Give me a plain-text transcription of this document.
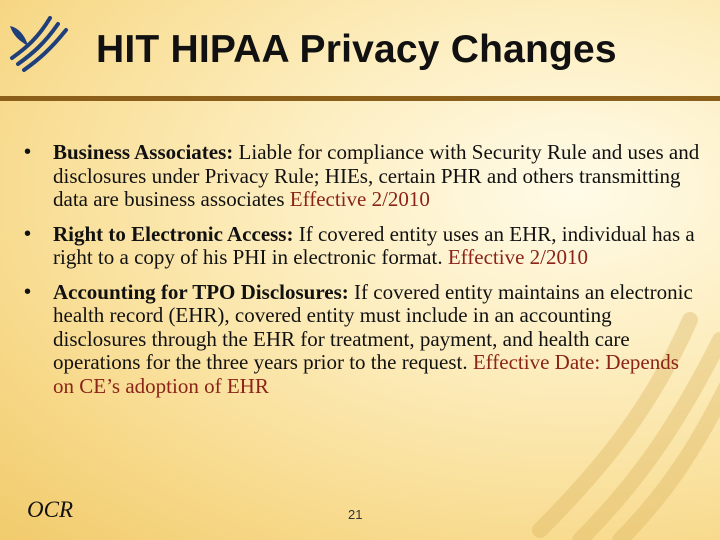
HIT HIPAA Privacy Changes
• Business Associates: Liable for compliance with Security Rule and uses and disclosures under Privacy Rule; HIEs, certain PHR and others transmitting data are business associates Effective 2/2010
• Right to Electronic Access: If covered entity uses an EHR, individual has a right to a copy of his PHI in electronic format. Effective 2/2010
• Accounting for TPO Disclosures: If covered entity maintains an electronic health record (EHR), covered entity must include in an accounting disclosures through the EHR for treatment, payment, and health care operations for the three years prior to the request. Effective Date: Depends on CE’s adoption of EHR
OCR	21
